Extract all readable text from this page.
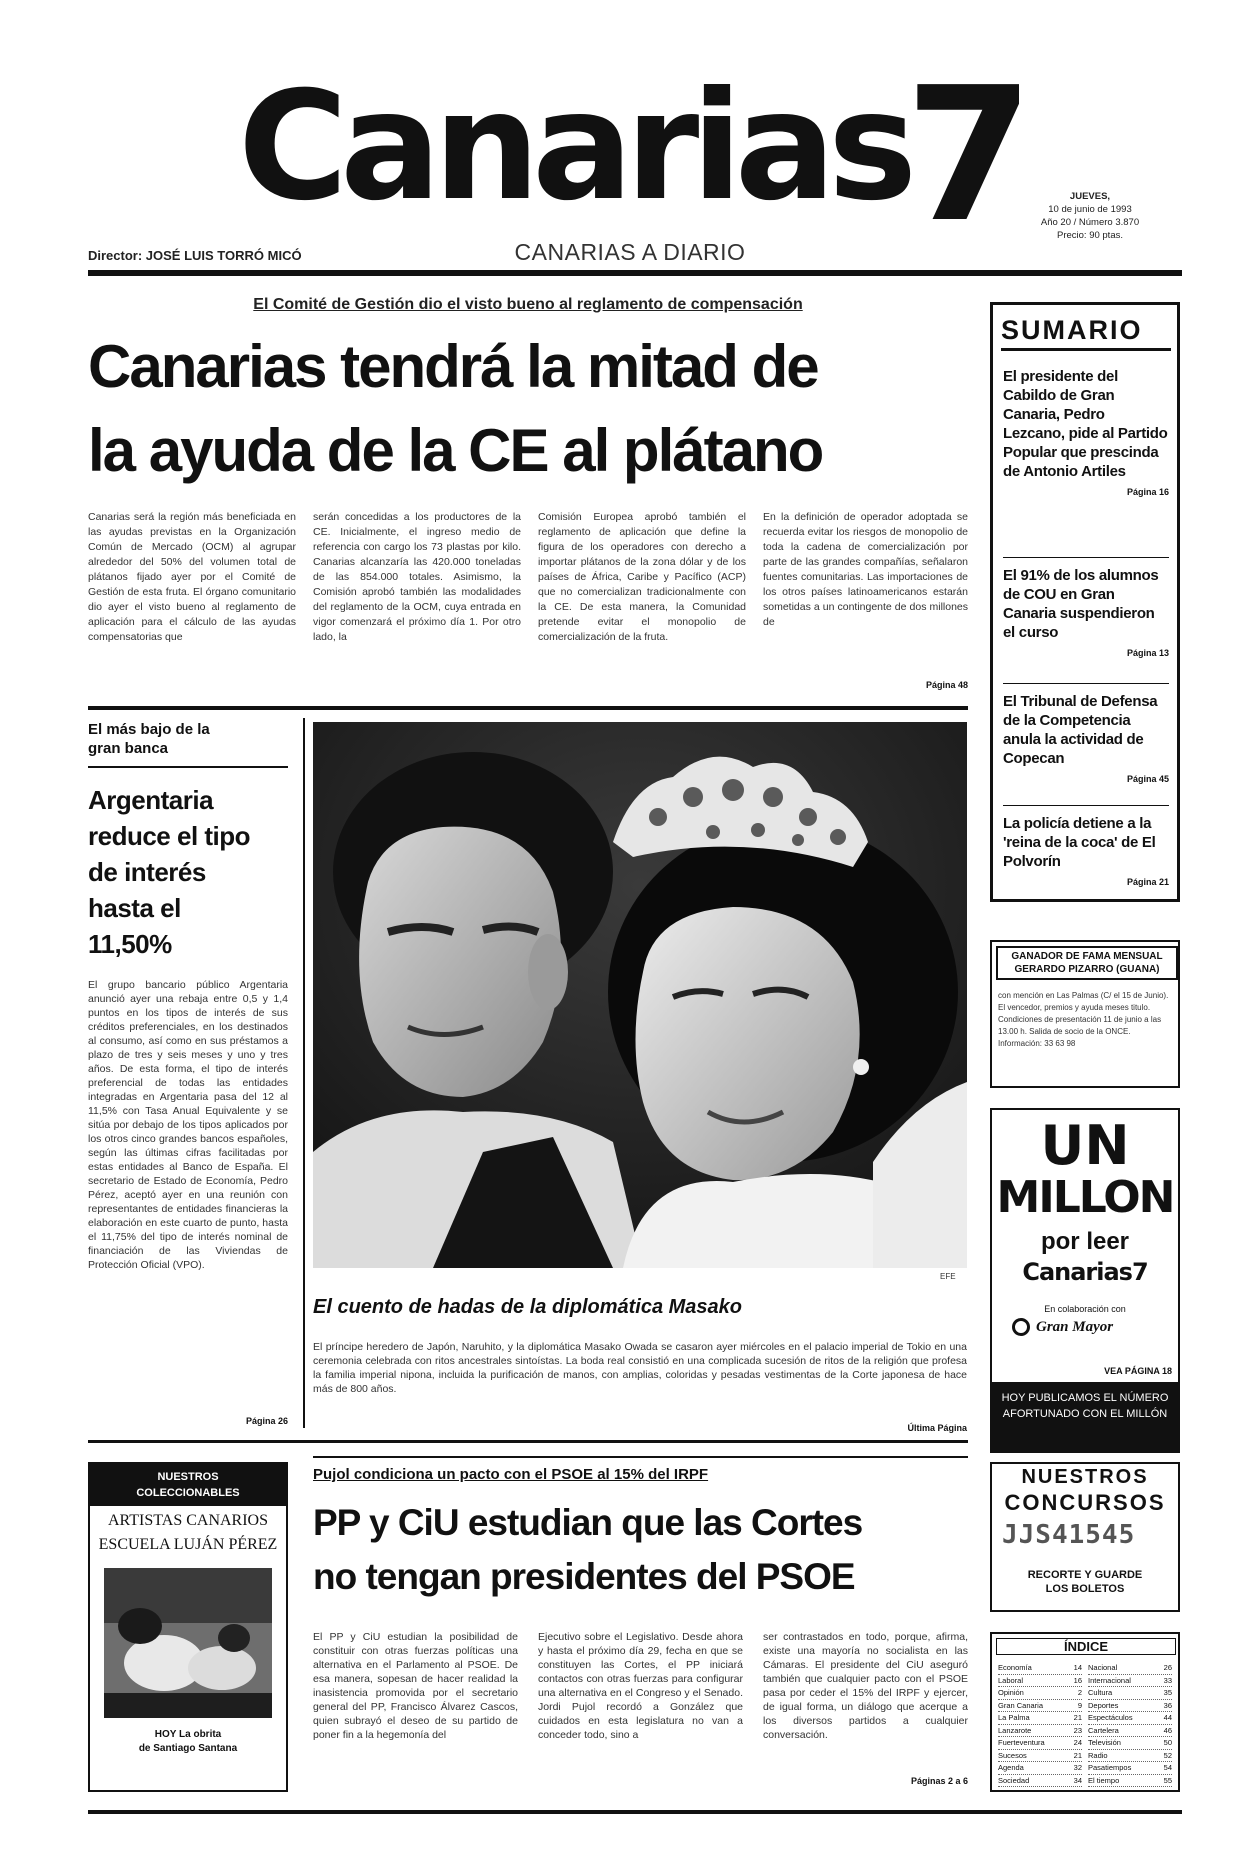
Canarias
7
CANARIAS A DIARIO
Director: JOSÉ LUIS TORRÓ MICÓ
JUEVES,
10 de junio de 1993
Año 20 / Número 3.870
Precio: 90 ptas.
El Comité de Gestión dio el visto bueno al reglamento de compensación
Canarias tendrá la mitad de
la ayuda de la CE al plátano
Canarias será la región más beneficiada en las ayudas previstas en la Organización Común de Mercado (OCM) al agrupar alrededor del 50% del volumen total de plátanos fijado ayer por el Comité de Gestión de esta fruta. El órgano comunitario dio ayer el visto bueno al reglamento de aplicación para el cálculo de las ayudas compensatorias que
serán concedidas a los productores de la CE. Inicialmente, el ingreso medio de referencia con cargo los 73 plastas por kilo. Canarias alcanzaría las 420.000 toneladas de las 854.000 totales. Asimismo, la Comisión aprobó también las modalidades del reglamento de la OCM, cuya entrada en vigor comenzará el próximo día 1. Por otro lado, la
Comisión Europea aprobó también el reglamento de aplicación que define la figura de los operadores con derecho a importar plátanos de la zona dólar y de los países de África, Caribe y Pacífico (ACP) que no comercializan tradicionalmente con la CE. De esta manera, la Comunidad pretende evitar el monopolio de comercialización de la fruta.
En la definición de operador adoptada se recuerda evitar los riesgos de monopolio de toda la cadena de comercialización por parte de las grandes compañías, señalaron fuentes comunitarias. Las importaciones de los otros países latinoamericanos estarán sometidas a un contingente de dos millones de
Página 48
El más bajo de la
gran banca
Argentaria
reduce el tipo
de interés
hasta el
11,50%
El grupo bancario público Argentaria anunció ayer una rebaja entre 0,5 y 1,4 puntos en los tipos de interés de sus créditos preferenciales, en los destinados al consumo, así como en sus préstamos a plazo de tres y seis meses y uno y tres años. De esta forma, el tipo de interés preferencial de todas las entidades integradas en Argentaria pasa del 12 al 11,5% con Tasa Anual Equivalente y se sitúa por debajo de los tipos aplicados por los otros cinco grandes bancos españoles, según las últimas cifras facilitadas por estas entidades al Banco de España. El secretario de Estado de Economía, Pedro Pérez, aceptó ayer en una reunión con representantes de entidades financieras la elaboración en este cuarto de punto, hasta el 11,75% del tipo de interés nominal de financiación de las Viviendas de Protección Oficial (VPO).
Página 26
EFE
El cuento de hadas de la diplomática Masako
El príncipe heredero de Japón, Naruhito, y la diplomática Masako Owada se casaron ayer miércoles en el palacio imperial de Tokio en una ceremonia celebrada con ritos ancestrales sintoístas. La boda real consistió en una complicada sucesión de ritos de la religión que profesa la familia imperial nipona, incluida la purificación de manos, con amplias, coloridas y pesadas vestimentas de la Corte japonesa de hace más de 800 años.
Última Página
SUMARIO
El presidente del Cabildo de Gran Canaria, Pedro Lezcano, pide al Partido Popular que prescinda de Antonio Artiles
Página 16
El 91% de los alumnos de COU en Gran Canaria suspendieron el curso
Página 13
El Tribunal de Defensa de la Competencia anula la actividad de Copecan
Página 45
La policía detiene a la 'reina de la coca' de El Polvorín
Página 21
GANADOR DE FAMA MENSUAL
GERARDO PIZARRO (GUANA)
con mención en Las Palmas (C/ el 15 de Junio). El vencedor, premios y ayuda meses titulo. Condiciones de presentación 11 de junio a las 13.00 h. Salida de socio de la ONCE. Información: 33 63 98
UN
MILLON
por leer
Canarias7
En colaboración con
Gran Mayor
VEA PÁGINA 18
HOY PUBLICAMOS EL NÚMERO AFORTUNADO CON EL MILLÓN
NUESTROS COLECCIONABLES
ARTISTAS CANARIOS
ESCUELA LUJÁN PÉREZ
HOY La obrita
de Santiago Santana
Pujol condiciona un pacto con el PSOE al 15% del IRPF
PP y CiU estudian que las Cortes
no tengan presidentes del PSOE
El PP y CiU estudian la posibilidad de constituir con otras fuerzas políticas una alternativa en el Parlamento al PSOE. De esa manera, sopesan de hacer realidad la inasistencia promovida por el secretario general del PP, Francisco Álvarez Cascos, quien subrayó el deseo de su partido de poner fin a la hegemonía del
Ejecutivo sobre el Legislativo. Desde ahora y hasta el próximo día 29, fecha en que se constituyen las Cortes, el PP iniciará contactos con otras fuerzas para configurar una alternativa en el Congreso y el Senado. Jordi Pujol recordó a González que cuidados en esta legislatura no van a conceder todo, sino a
ser contrastados en todo, porque, afirma, existe una mayoría no socialista en las Cámaras. El presidente del CiU aseguró también que cualquier pacto con el PSOE pasa por ceder el 15% del IRPF y ejercer, de igual forma, un diálogo que acerque a los diversos partidos a cualquier conversación.
Páginas 2 a 6
NUESTROS
CONCURSOS
JJS41545
RECORTE Y GUARDE
LOS BOLETOS
ÍNDICE
Economía	14
Laboral	16
Opinión	2
Gran Canaria	9
La Palma	21
Lanzarote	23
Fuerteventura	24
Sucesos	21
Agenda	32
Sociedad	34
Nacional	26
Internacional	33
Cultura	35
Deportes	36
Espectáculos	44
Cartelera	46
Televisión	50
Radio	52
Pasatiempos	54
El tiempo	55
